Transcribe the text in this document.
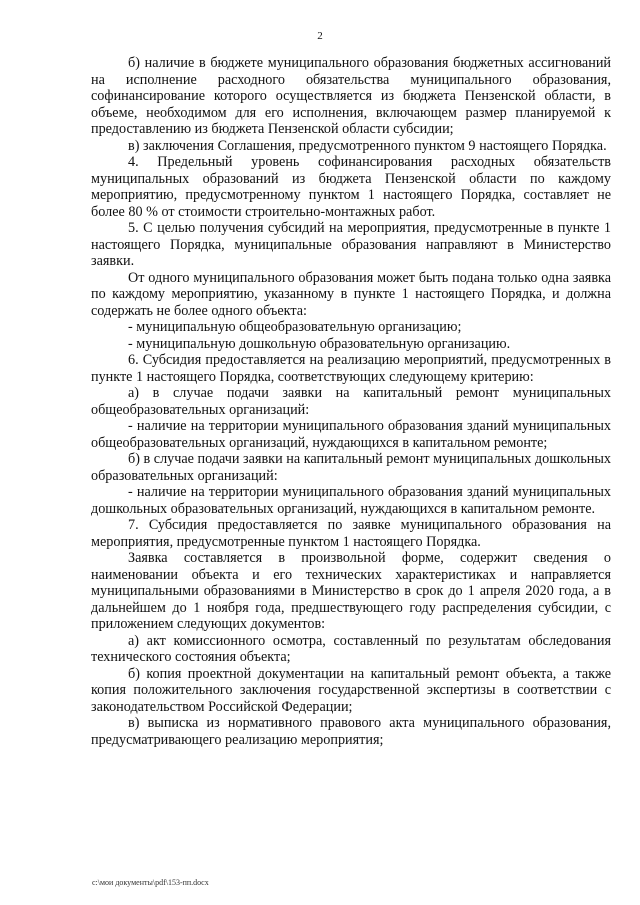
2

б) наличие в бюджете муниципального образования бюджетных ассигнований на исполнение расходного обязательства муниципального образования, софинансирование которого осуществляется из бюджета Пензенской области, в объеме, необходимом для его исполнения, включающем размер планируемой к предоставлению из бюджета Пензенской области субсидии;

в) заключения Соглашения, предусмотренного пунктом 9 настоящего Порядка.

4. Предельный уровень софинансирования расходных обязательств муниципальных образований из бюджета Пензенской области по каждому мероприятию, предусмотренному пунктом 1 настоящего Порядка, составляет не более 80 % от стоимости строительно-монтажных работ.

5. С целью получения субсидий на мероприятия, предусмотренные в пункте 1 настоящего Порядка, муниципальные образования направляют в Министерство заявки.

От одного муниципального образования может быть подана только одна заявка по каждому мероприятию, указанному в пункте 1 настоящего Порядка, и должна содержать не более одного объекта:

- муниципальную общеобразовательную организацию;

- муниципальную дошкольную образовательную организацию.

6. Субсидия предоставляется на реализацию мероприятий, предусмотренных в пункте 1 настоящего Порядка, соответствующих следующему критерию:

а) в случае подачи заявки на капитальный ремонт муниципальных общеобразовательных организаций:

- наличие на территории муниципального образования зданий муниципальных общеобразовательных организаций, нуждающихся в капитальном ремонте;

б) в случае подачи заявки на капитальный ремонт муниципальных дошкольных образовательных организаций:

- наличие на территории муниципального образования зданий муниципальных дошкольных образовательных организаций, нуждающихся в капитальном ремонте.

7. Субсидия предоставляется по заявке муниципального образования на мероприятия, предусмотренные пунктом 1 настоящего Порядка.

Заявка составляется в произвольной форме, содержит сведения о наименовании объекта и его технических характеристиках и направляется муниципальными образованиями в Министерство в срок до 1 апреля 2020 года, а в дальнейшем до 1 ноября года, предшествующего году распределения субсидии, с приложением следующих документов:

а) акт комиссионного осмотра, составленный по результатам обследования технического состояния объекта;

б) копия проектной документации на капитальный ремонт объекта, а также копия положительного заключения государственной экспертизы в соответствии с законодательством Российской Федерации;

в) выписка из нормативного правового акта муниципального образования, предусматривающего реализацию мероприятия;

c:\мои документы\pdf\153-пп.docx
